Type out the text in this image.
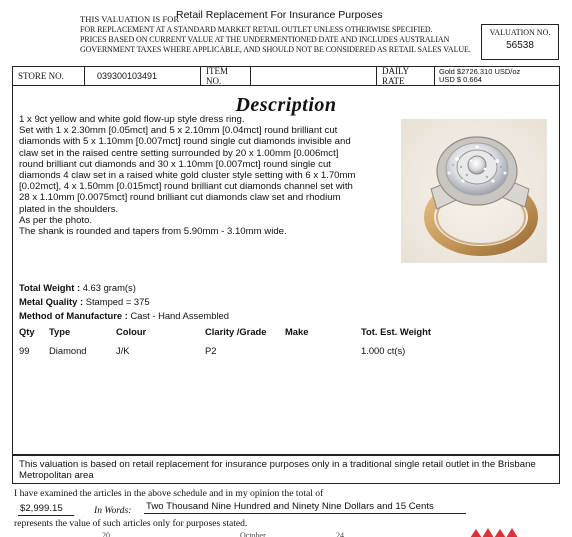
THIS VALUATION IS FOR
Retail Replacement For Insurance Purposes
FOR REPLACEMENT AT A STANDARD MARKET RETAIL OUTLET UNLESS OTHERWISE SPECIFIED.
PRICES BASED ON CURRENT VALUE AT THE UNDERMENTIONED DATE AND INCLUDES AUSTRALIAN
GOVERNMENT TAXES WHERE APPLICABLE, AND SHOULD NOT BE CONSIDERED AS RETAIL SALES VALUE.
VALUATION NO.
56538
STORE NO.	039300103491	ITEM NO.
DAILY RATE
Gold $2726.310 USD/oz
USD $ 0.664
Description
1 x 9ct yellow and white gold flow-up style dress ring.
Set with 1 x 2.30mm [0.05mct] and 5 x 2.10mm [0.04mct] round brilliant cut
diamonds with 5 x 1.10mm [0.007mct] round single cut diamonds invisible and
claw set in the raised centre setting surrounded by 20 x 1.00mm [0.006mct]
round brilliant cut diamonds and 30 x 1.10mm [0.007mct] round single cut
diamonds 4 claw set in a raised white gold cluster style setting with 6 x 1.70mm
[0.02mct], 4 x 1.50mm [0.015mct] round brilliant cut diamonds channel set with
28 x 1.10mm [0.0075mct] round brilliant cut diamonds claw set and rhodium
plated in the shoulders.
As per the photo.
The shank is rounded and tapers from 5.90mm - 3.10mm wide.
Total Weight : 4.63 gram(s)
Metal Quality : Stamped = 375
Method of Manufacture : Cast - Hand Assembled
Qty Type	Colour	Clarity /Grade Make	Tot. Est. Weight
99 Diamond	J/K	P2	1.000 ct(s)
This valuation is based on retail replacement for insurance purposes only in a traditional single retail outlet in the Brisbane Metropolitan area
I have examined the articles in the above schedule and in my opinion the total of
$2,999.15	In Words: Two Thousand Nine Hundred and Ninety Nine Dollars and 15 Cents
represents the value of such articles only for purposes stated.
20	October	24
